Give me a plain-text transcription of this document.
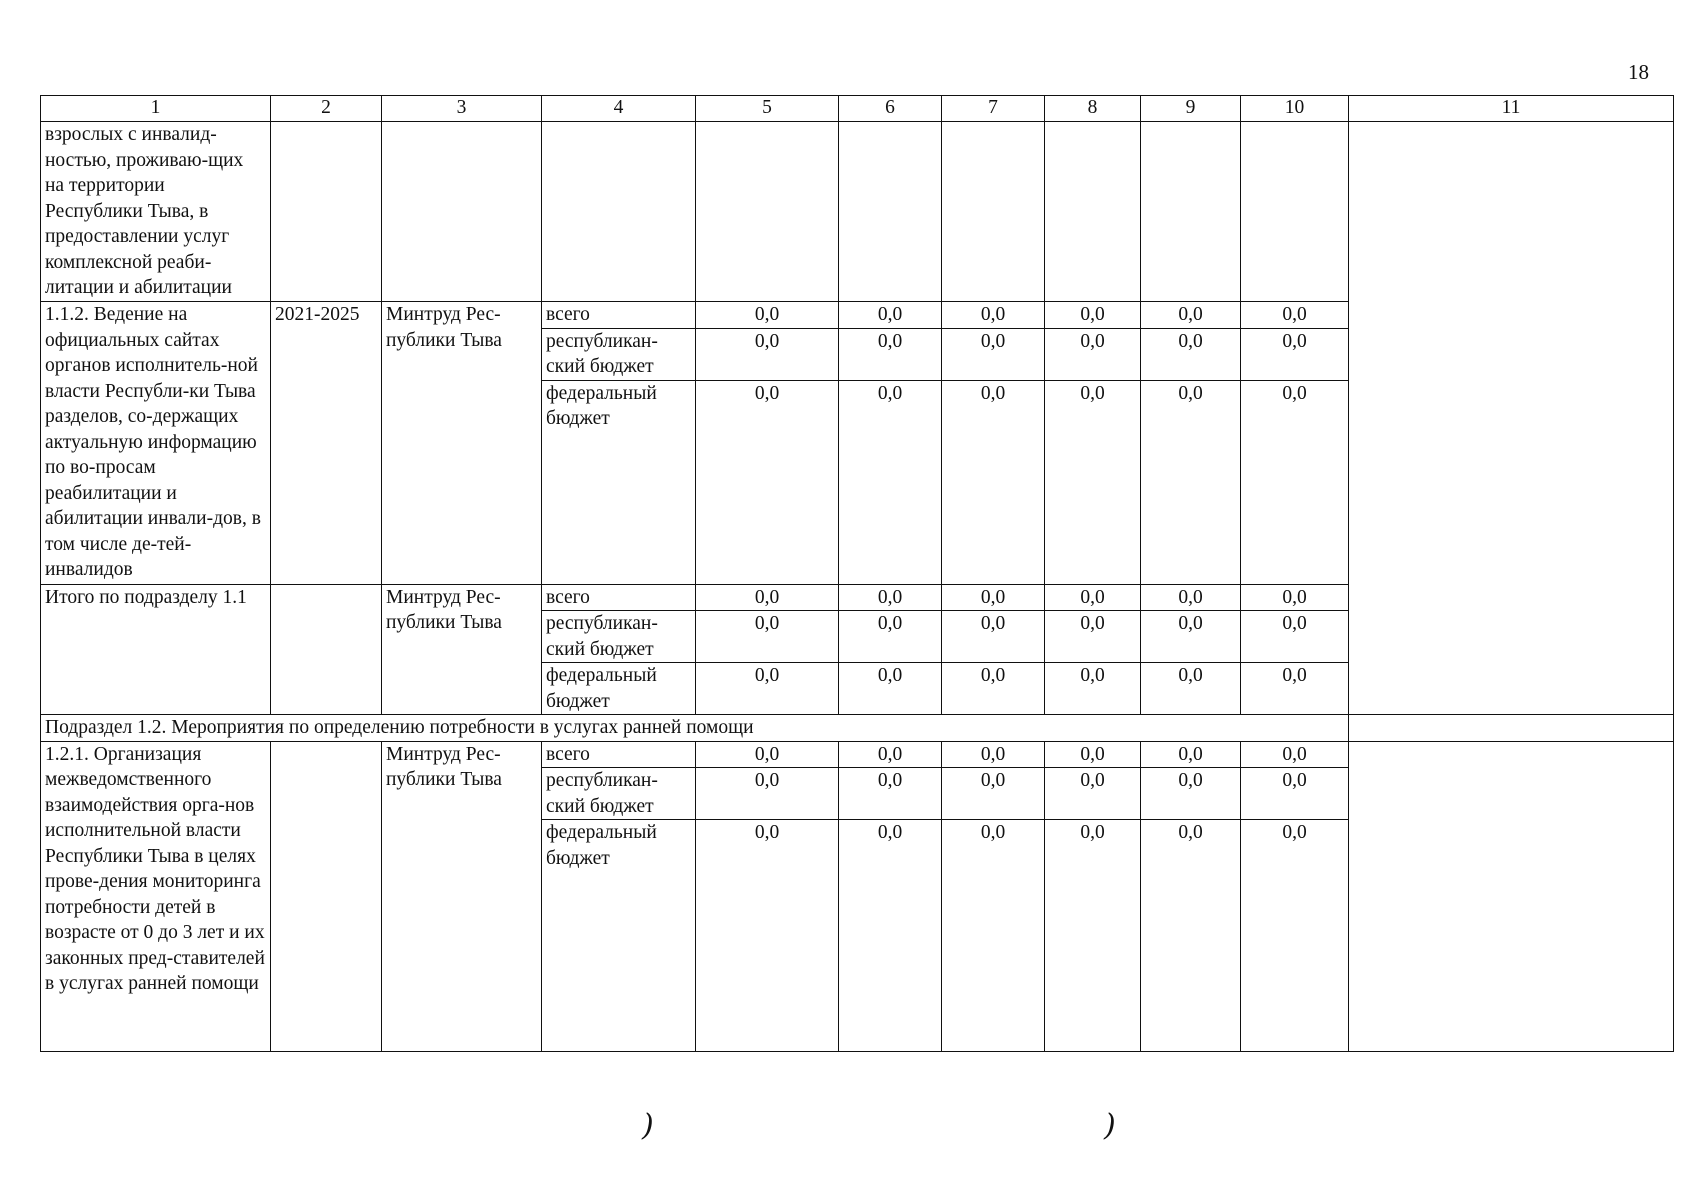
18
1	2	3	4	5	6	7	8	9	10	11
взрослых с инвалид-ностью, проживаю-щих на территории Республики Тыва, в предоставлении услуг комплексной реаби-литации и абилитации										
1.1.2. Ведение на официальных сайтах органов исполнитель-ной власти Республи-ки Тыва разделов, со-держащих актуальную информацию по во-просам реабилитации и абилитации инвали-дов, в том числе де-тей-инвалидов	2021-2025	Минтруд Рес-публики Тыва	всего	0,0	0,0	0,0	0,0	0,0	0,0	
			республикан-ский бюджет	0,0	0,0	0,0	0,0	0,0	0,0	
			федеральный бюджет	0,0	0,0	0,0	0,0	0,0	0,0	
Итого по подразделу 1.1		Минтруд Рес-публики Тыва	всего	0,0	0,0	0,0	0,0	0,0	0,0	
			республикан-ский бюджет	0,0	0,0	0,0	0,0	0,0	0,0	
			федеральный бюджет	0,0	0,0	0,0	0,0	0,0	0,0	
Подраздел 1.2. Мероприятия по определению потребности в услугах ранней помощи										
1.2.1. Организация межведомственного взаимодействия орга-нов исполнительной власти Республики Тыва в целях прове-дения мониторинга потребности детей в возрасте от 0 до 3 лет и их законных пред-ставителей в услугах ранней помощи		Минтруд Рес-публики Тыва	всего	0,0	0,0	0,0	0,0	0,0	0,0	
			республикан-ский бюджет	0,0	0,0	0,0	0,0	0,0	0,0	
			федеральный бюджет	0,0	0,0	0,0	0,0	0,0	0,0	
)	)
